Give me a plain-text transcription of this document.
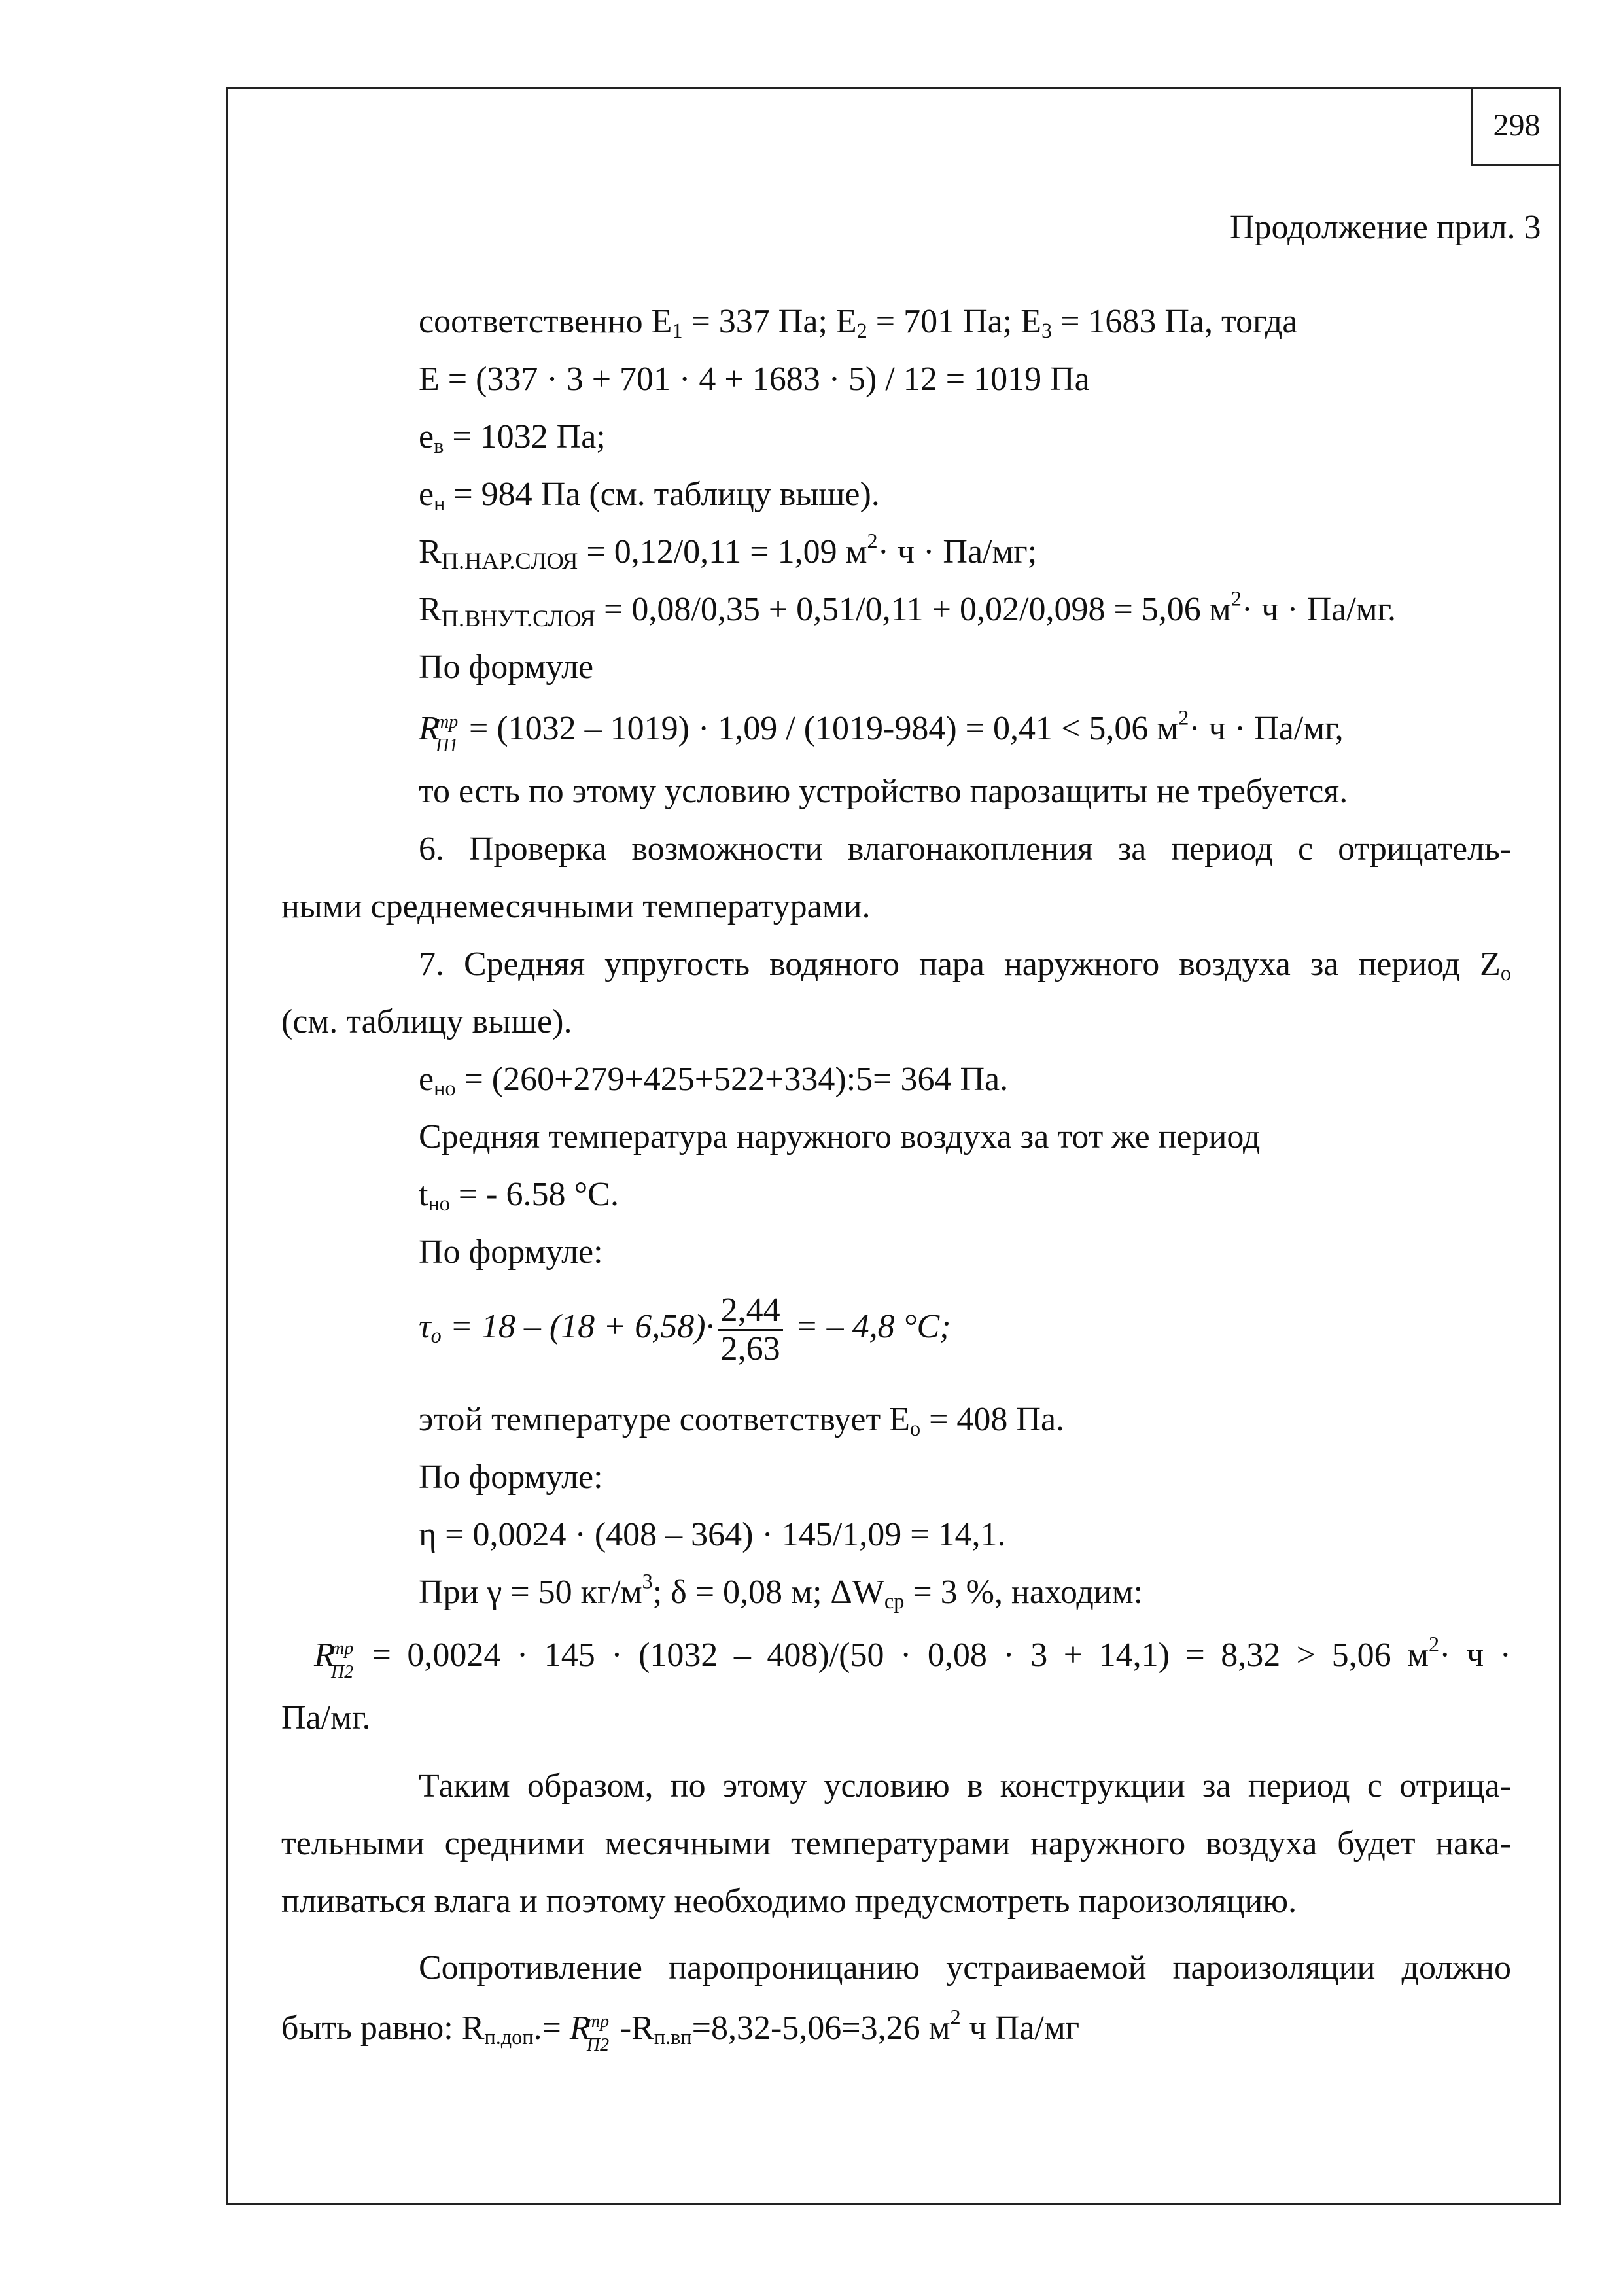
298
Продолжение прил. 3
соответственно $E_1 = 337$ Па; $E_2 = 701$ Па; $E_3 = 1683$ Па, тогда
E = (337 · 3 + 701 · 4 + 1683 · 5) / 12 = 1019 Па
$e_в = 1032$ Па;
$e_н = 984$ Па (см. таблицу выше).
$R_{П.НАР.СЛОЯ} = 0,12/0,11 = 1,09$ $м^2\cdot ч \cdot Па/мг$;
$R_{П.ВНУТ.СЛОЯ} = 0,08/0,35 + 0,51/0,11 + 0,02/0,098 = 5,06$ $м^2\cdot ч \cdot Па/мг$.
По формуле
R
тр
П1 = (1032 – 1019) · 1,09 / (1019-984) = 0,41 < 5,06 $м^2\cdot ч \cdot Па/мг$,
то есть по этому условию устройство парозащиты не требуется.
6. Проверка возможности влагонакопления за период с отрицатель-
ными среднемесячными температурами.
7. Средняя упругость водяного пара наружного воздуха за период $Z_о$
(см. таблицу выше).
$e_{но}$ = (260+279+425+522+334):5= 364 Па.
Средняя температура наружного воздуха за тот же период
$t_{но}$ = - 6.58 °C.
По формуле:
$\tau_o = 18 - (18 + 6,58)\cdot \frac{2,44}{2,63}$ = – 4,8 °C;
этой температуре соответствует $E_о = 408$ Па.
По формуле:
η = 0,0024 · (408 – 364) · 145/1,09 = 14,1.
При γ = 50 $кг/м^3$; δ = 0,08 м; $\Delta W_{ср} = 3$ %, находим:
R
тр
П2 = 0,0024 · 145 · (1032 – 408)/(50 · 0,08 · 3 + 14,1) = 8,32 > 5,06 $м^2\cdot ч$ ·
Па/мг.
Таким образом, по этому условию в конструкции за период с отрица-
тельными средними месячными температурами наружного воздуха будет нака-
пливаться влага и поэтому необходимо предусмотреть пароизоляцию.
Сопротивление паропроницанию устраиваемой пароизоляции должно
быть равно: $R_{п.доп}.= R$
тр
П2 $-R_{п.вп}=8,32-5,06=3,26$ $м^2$ ч Па/мг
